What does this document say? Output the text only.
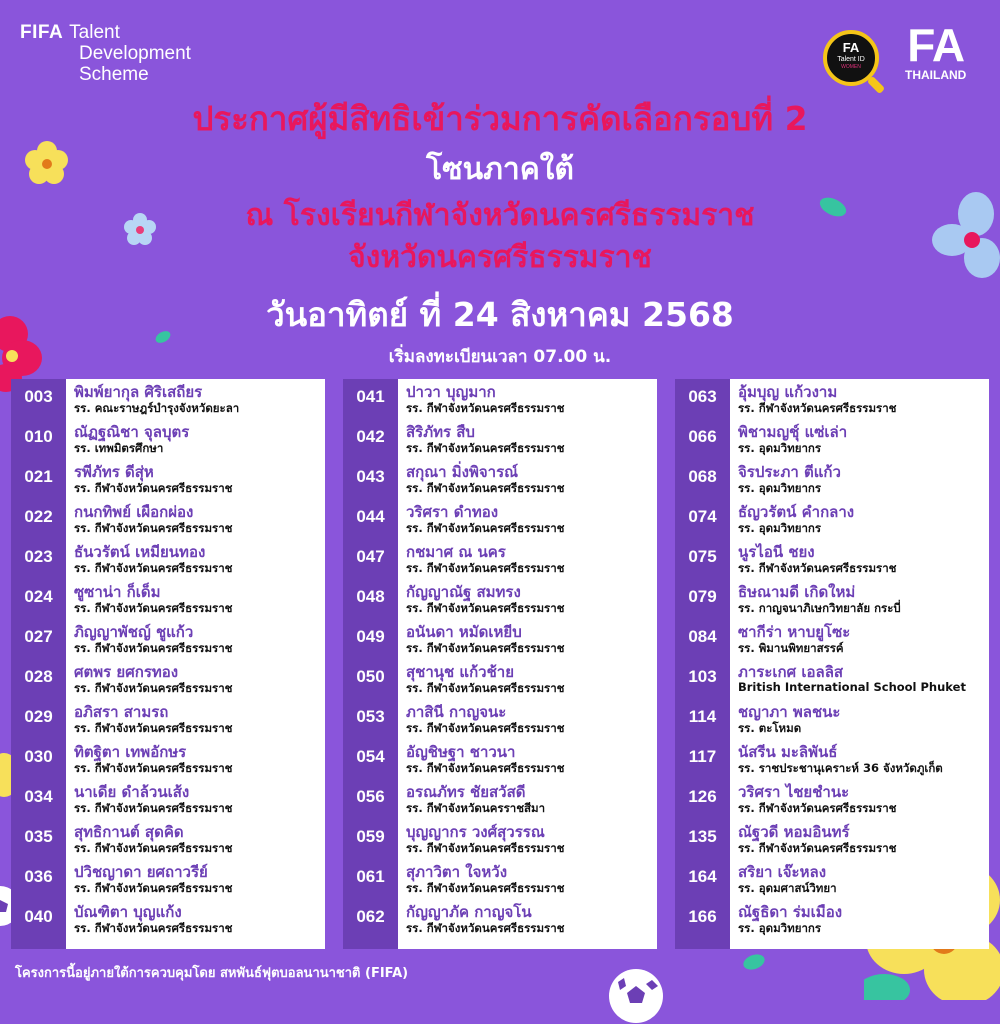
FIFA Talent
Development
Scheme
FA
Talent ID
WOMEN	FA
THAILAND
ประกาศผู้มีสิทธิเข้าร่วมการคัดเลือกรอบที่ 2
โซนภาคใต้
ณ โรงเรียนกีฬาจังหวัดนครศรีธรรมราช
จังหวัดนครศรีธรรมราช
วันอาทิตย์ ที่ 24 สิงหาคม 2568
เริ่มลงทะเบียนเวลา 07.00 น.
003	พิมพ์ยากุล ศิริเสถียร
รร. คณะราษฎร์บำรุงจังหวัดยะลา
010	ณัฏฐณิชา จุลบุตร
รร. เทพมิตรศึกษา
021	รพีภัทร ดีสุ่ห
รร. กีฬาจังหวัดนครศรีธรรมราช
022	กนกทิพย์ เผือกผ่อง
รร. กีฬาจังหวัดนครศรีธรรมราช
023	ธันวรัตน์ เหมียนทอง
รร. กีฬาจังหวัดนครศรีธรรมราช
024	ซูซาน่า ก็เด็ม
รร. กีฬาจังหวัดนครศรีธรรมราช
027	ภิญญาพัชญ์ ชูแก้ว
รร. กีฬาจังหวัดนครศรีธรรมราช
028	ศตพร ยศกรทอง
รร. กีฬาจังหวัดนครศรีธรรมราช
029	อภิสรา สามรถ
รร. กีฬาจังหวัดนครศรีธรรมราช
030	ทิตฐิตา เทพอักษร
รร. กีฬาจังหวัดนครศรีธรรมราช
034	นาเดีย ดำล้วนเส้ง
รร. กีฬาจังหวัดนครศรีธรรมราช
035	สุทธิกานต์ สุดคิด
รร. กีฬาจังหวัดนครศรีธรรมราช
036	ปวิชญาดา ยศถาวรีย์
รร. กีฬาจังหวัดนครศรีธรรมราช
040	บัณฑิตา บุญแก้ง
รร. กีฬาจังหวัดนครศรีธรรมราช
041	ปาวา บุญมาก
รร. กีฬาจังหวัดนครศรีธรรมราช
042	สิริภัทร สืบ
รร. กีฬาจังหวัดนครศรีธรรมราช
043	สกุณา มิ่งพิจารณ์
รร. กีฬาจังหวัดนครศรีธรรมราช
044	วริศรา ดำทอง
รร. กีฬาจังหวัดนครศรีธรรมราช
047	กชมาศ ณ นคร
รร. กีฬาจังหวัดนครศรีธรรมราช
048	กัญญาณัฐ สมทรง
รร. กีฬาจังหวัดนครศรีธรรมราช
049	อนันดา หมัดเหยีบ
รร. กีฬาจังหวัดนครศรีธรรมราช
050	สุชานุช แก้วช้าย
รร. กีฬาจังหวัดนครศรีธรรมราช
053	ภาสินี กาญจนะ
รร. กีฬาจังหวัดนครศรีธรรมราช
054	อัญชิษฐา ชาวนา
รร. กีฬาจังหวัดนครศรีธรรมราช
056	อรณภัทร ชัยสวัสดี
รร. กีฬาจังหวัดนครราชสีมา
059	บุญญากร วงศ์สุวรรณ
รร. กีฬาจังหวัดนครศรีธรรมราช
061	สุภาวิตา ใจหวัง
รร. กีฬาจังหวัดนครศรีธรรมราช
062	กัญญาภัค กาญจโน
รร. กีฬาจังหวัดนครศรีธรรมราช
063	อุ้มบุญ แก้วงาม
รร. กีฬาจังหวัดนครศรีธรรมราช
066	พิชามญชุ์ แซ่เล่า
รร. อุดมวิทยากร
068	จิรประภา ตีแก้ว
รร. อุดมวิทยากร
074	ธัญวรัตน์ คำกลาง
รร. อุดมวิทยากร
075	นูรไอนี ชยง
รร. กีฬาจังหวัดนครศรีธรรมราช
079	ธิษณามดี เกิดใหม่
รร. กาญจนาภิเษกวิทยาลัย กระบี่
084	ซากีร่า หาบยูโซะ
รร. พิมานพิทยาสรรค์
103	ภาระเกศ เอลลิส
British International School Phuket
114	ชญาภา พลชนะ
รร. ตะโหมด
117	นัสรีน มะลิพันธ์
รร. ราชประชานุเคราะห์ 36 จังหวัดภูเก็ต
126	วริศรา ไชยชำนะ
รร. กีฬาจังหวัดนครศรีธรรมราช
135	ณัฐวดี หอมอินทร์
รร. กีฬาจังหวัดนครศรีธรรมราช
164	สริยา เจ๊ะหลง
รร. อุดมศาสน์วิทยา
166	ณัฐธิดา ร่มเมือง
รร. อุดมวิทยากร
โครงการนี้อยู่ภายใต้การควบคุมโดย สหพันธ์ฟุตบอลนานาชาติ (FIFA)
